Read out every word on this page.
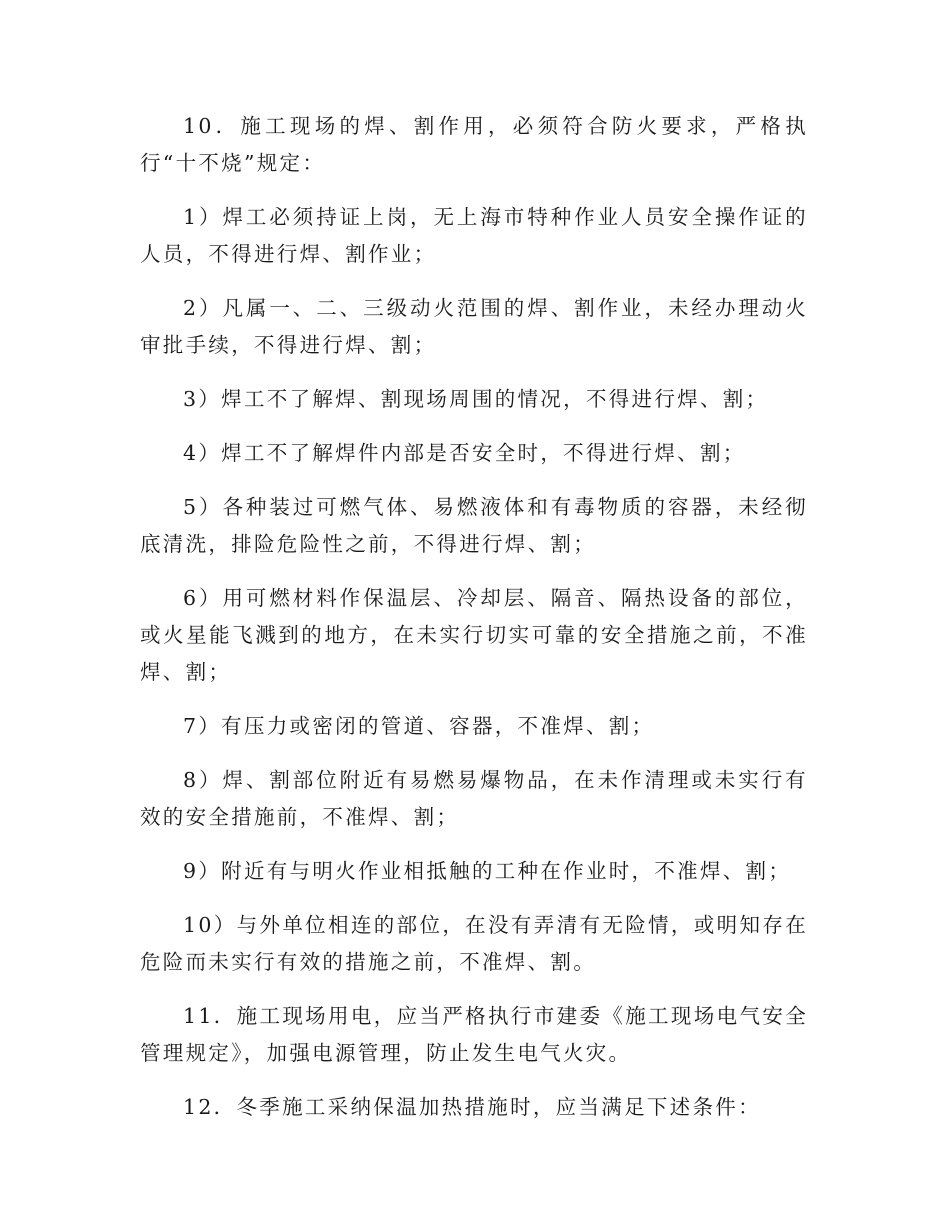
10．施工现场的焊、割作用，必须符合防火要求，严格执行“十不烧”规定：

1）焊工必须持证上岗，无上海市特种作业人员安全操作证的人员，不得进行焊、割作业；

2）凡属一、二、三级动火范围的焊、割作业，未经办理动火审批手续，不得进行焊、割；

3）焊工不了解焊、割现场周围的情况，不得进行焊、割；

4）焊工不了解焊件内部是否安全时，不得进行焊、割；

5）各种装过可燃气体、易燃液体和有毒物质的容器，未经彻底清洗，排险危险性之前，不得进行焊、割；

6）用可燃材料作保温层、冷却层、隔音、隔热设备的部位，或火星能飞溅到的地方，在未实行切实可靠的安全措施之前，不准焊、割；

7）有压力或密闭的管道、容器，不准焊、割；

8）焊、割部位附近有易燃易爆物品，在未作清理或未实行有效的安全措施前，不准焊、割；

9）附近有与明火作业相抵触的工种在作业时，不准焊、割；

10）与外单位相连的部位，在没有弄清有无险情，或明知存在危险而未实行有效的措施之前，不准焊、割。

11．施工现场用电，应当严格执行市建委《施工现场电气安全管理规定》，加强电源管理，防止发生电气火灾。

12．冬季施工采纳保温加热措施时，应当满足下述条件：
